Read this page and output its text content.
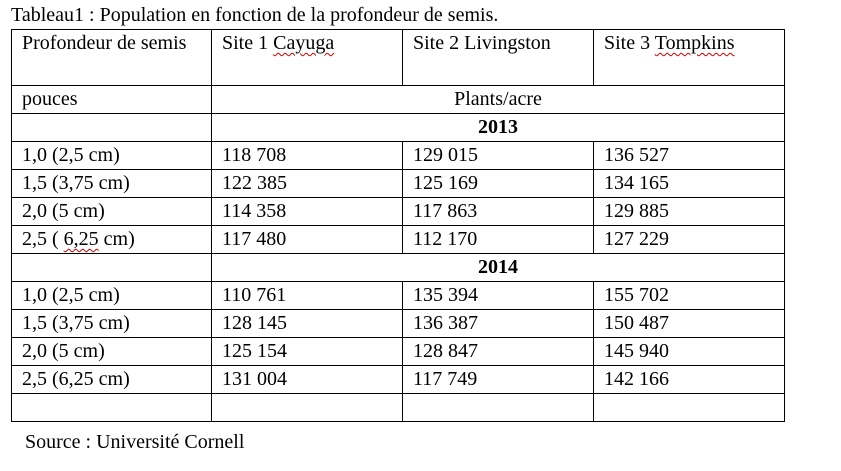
Tableau1 : Population en fonction de la profondeur de semis.
Profondeur de semis	Site 1 Cayuga	Site 2 Livingston	Site 3 Tompkins
pouces	Plants/acre		
	2013		
1,0 (2,5 cm)	118 708	129 015	136 527
1,5 (3,75 cm)	122 385	125 169	134 165
2,0 (5 cm)	114 358	117 863	129 885
2,5 ( 6,25 cm)	117 480	112 170	127 229
	2014		
1,0 (2,5 cm)	110 761	135 394	155 702
1,5 (3,75 cm)	128 145	136 387	150 487
2,0 (5 cm)	125 154	128 847	145 940
2,5 (6,25 cm)	131 004	117 749	142 166

Source : Université Cornell
